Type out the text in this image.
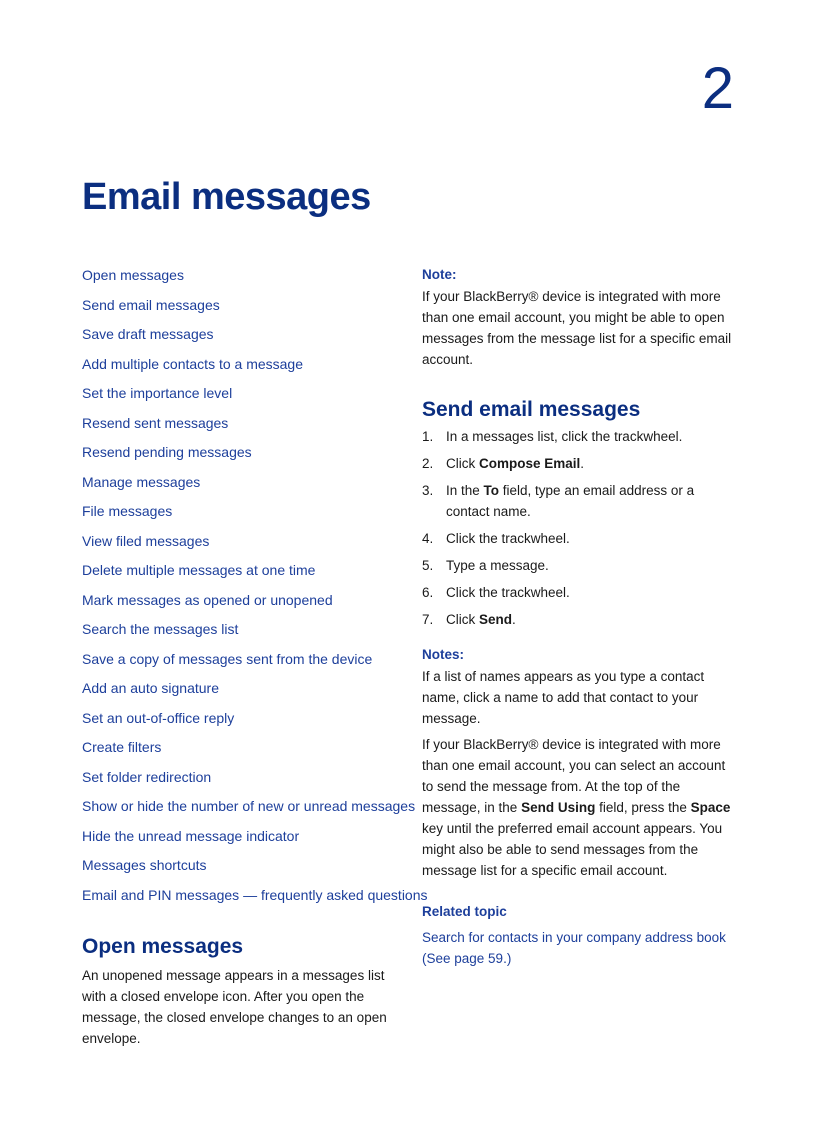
2
Email messages
Open messages
Send email messages
Save draft messages
Add multiple contacts to a message
Set the importance level
Resend sent messages
Resend pending messages
Manage messages
File messages
View filed messages
Delete multiple messages at one time
Mark messages as opened or unopened
Search the messages list
Save a copy of messages sent from the device
Add an auto signature
Set an out-of-office reply
Create filters
Set folder redirection
Show or hide the number of new or unread messages
Hide the unread message indicator
Messages shortcuts
Email and PIN messages — frequently asked questions
Open messages

An unopened message appears in a messages list with a closed envelope icon. After you open the message, the closed envelope changes to an open envelope.

Note:

If your BlackBerry® device is integrated with more than one email account, you might be able to open messages from the message list for a specific email account.

Send email messages
1. In a messages list, click the trackwheel.
2. Click Compose Email.
3. In the To field, type an email address or a contact name.
4. Click the trackwheel.
5. Type a message.
6. Click the trackwheel.
7. Click Send.
Notes:

If a list of names appears as you type a contact name, click a name to add that contact to your message.

If your BlackBerry® device is integrated with more than one email account, you can select an account to send the message from. At the top of the message, in the Send Using field, press the Space key until the preferred email account appears. You might also be able to send messages from the message list for a specific email account.

Related topic
Search for contacts in your company address book (See page 59.)
